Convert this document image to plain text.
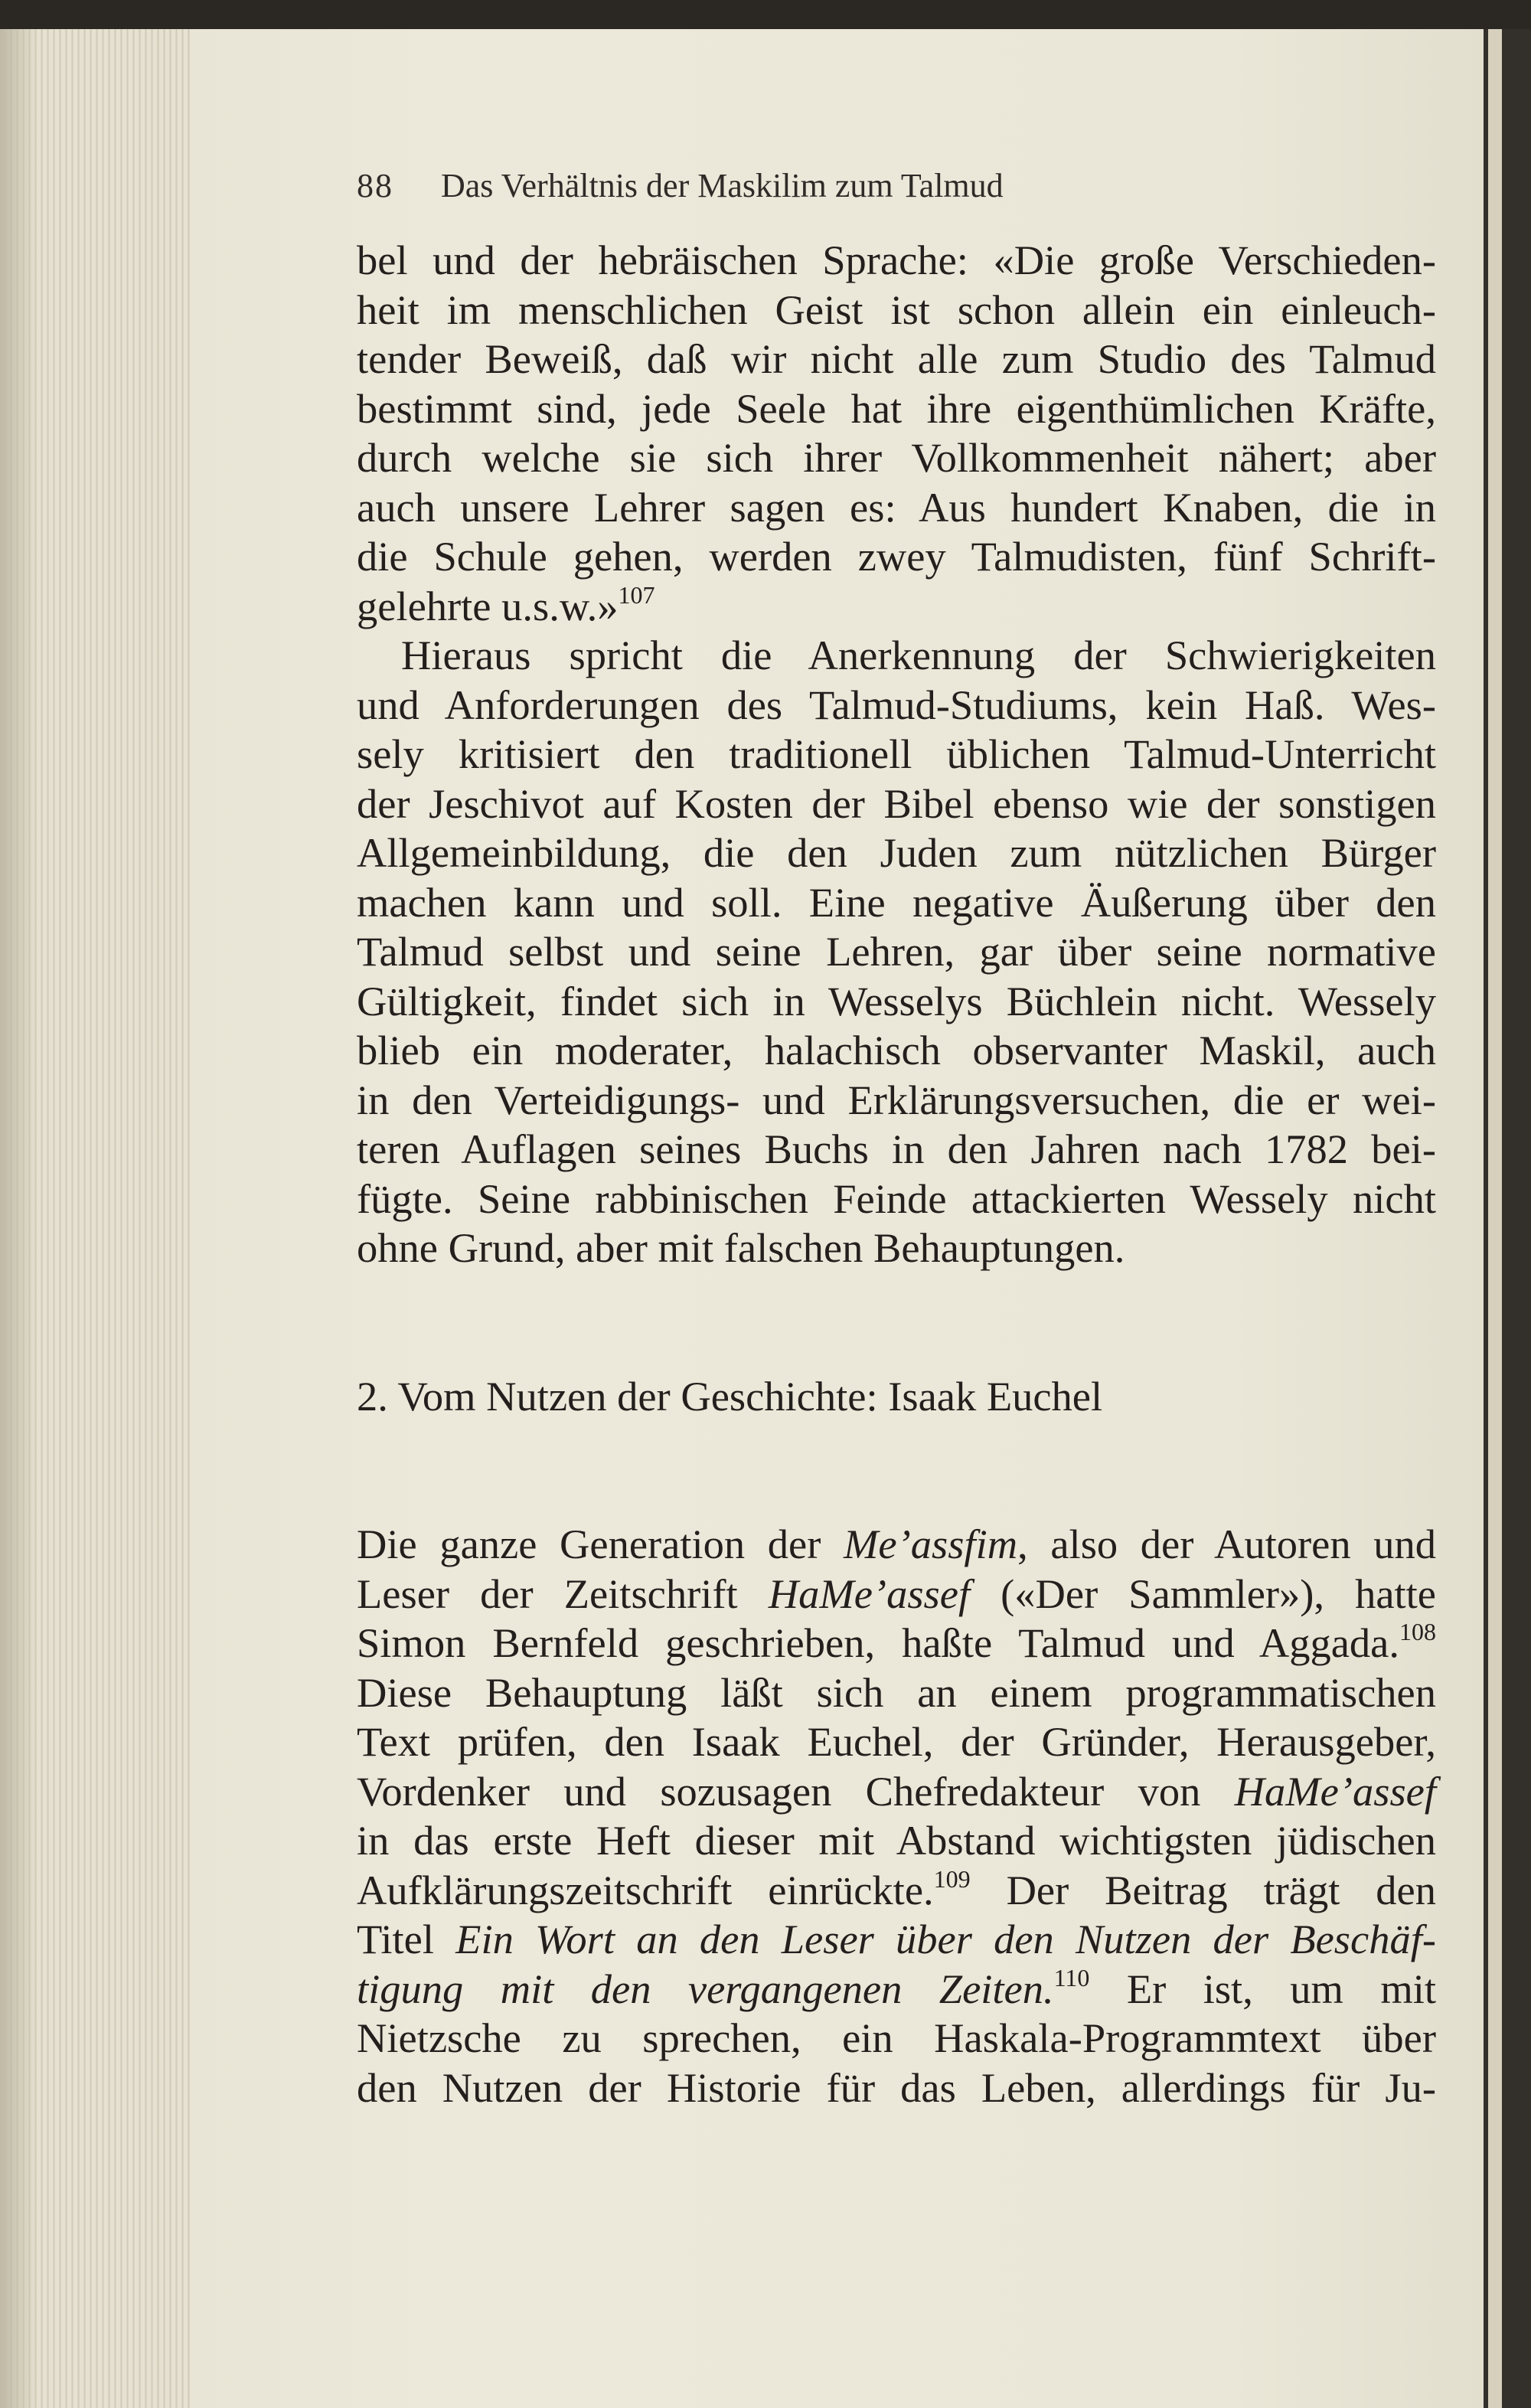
88 Das Verhältnis der Maskilim zum Talmud
bel und der hebräischen Sprache: «Die große Verschieden-
heit im menschlichen Geist ist schon allein ein einleuch-
tender Beweiß, daß wir nicht alle zum Studio des Talmud
bestimmt sind, jede Seele hat ihre eigenthümlichen Kräfte,
durch welche sie sich ihrer Vollkommenheit nähert; aber
auch unsere Lehrer sagen es: Aus hundert Knaben, die in
die Schule gehen, werden zwey Talmudisten, fünf Schrift-
gelehrte u.s.w.»$^{107}$
Hieraus spricht die Anerkennung der Schwierigkeiten
und Anforderungen des Talmud-Studiums, kein Haß. Wes-
sely kritisiert den traditionell üblichen Talmud-Unterricht
der Jeschivot auf Kosten der Bibel ebenso wie der sonstigen
Allgemeinbildung, die den Juden zum nützlichen Bürger
machen kann und soll. Eine negative Äußerung über den
Talmud selbst und seine Lehren, gar über seine normative
Gültigkeit, findet sich in Wesselys Büchlein nicht. Wessely
blieb ein moderater, halachisch observanter Maskil, auch
in den Verteidigungs- und Erklärungsversuchen, die er wei-
teren Auflagen seines Buchs in den Jahren nach 1782 bei-
fügte. Seine rabbinischen Feinde attackierten Wessely nicht
ohne Grund, aber mit falschen Behauptungen.
2. Vom Nutzen der Geschichte: Isaak Euchel
Die ganze Generation der Me’assfim, also der Autoren und
Leser der Zeitschrift HaMe’assef («Der Sammler»), hatte
Simon Bernfeld geschrieben, haßte Talmud und Aggada.$^{108}$
Diese Behauptung läßt sich an einem programmatischen
Text prüfen, den Isaak Euchel, der Gründer, Herausgeber,
Vordenker und sozusagen Chefredakteur von HaMe’assef
in das erste Heft dieser mit Abstand wichtigsten jüdischen
Aufklärungszeitschrift einrückte.$^{109}$ Der Beitrag trägt den
Titel Ein Wort an den Leser über den Nutzen der Beschäf-
tigung mit den vergangenen Zeiten.$^{110}$ Er ist, um mit
Nietzsche zu sprechen, ein Haskala-Programmtext über
den Nutzen der Historie für das Leben, allerdings für Ju-
